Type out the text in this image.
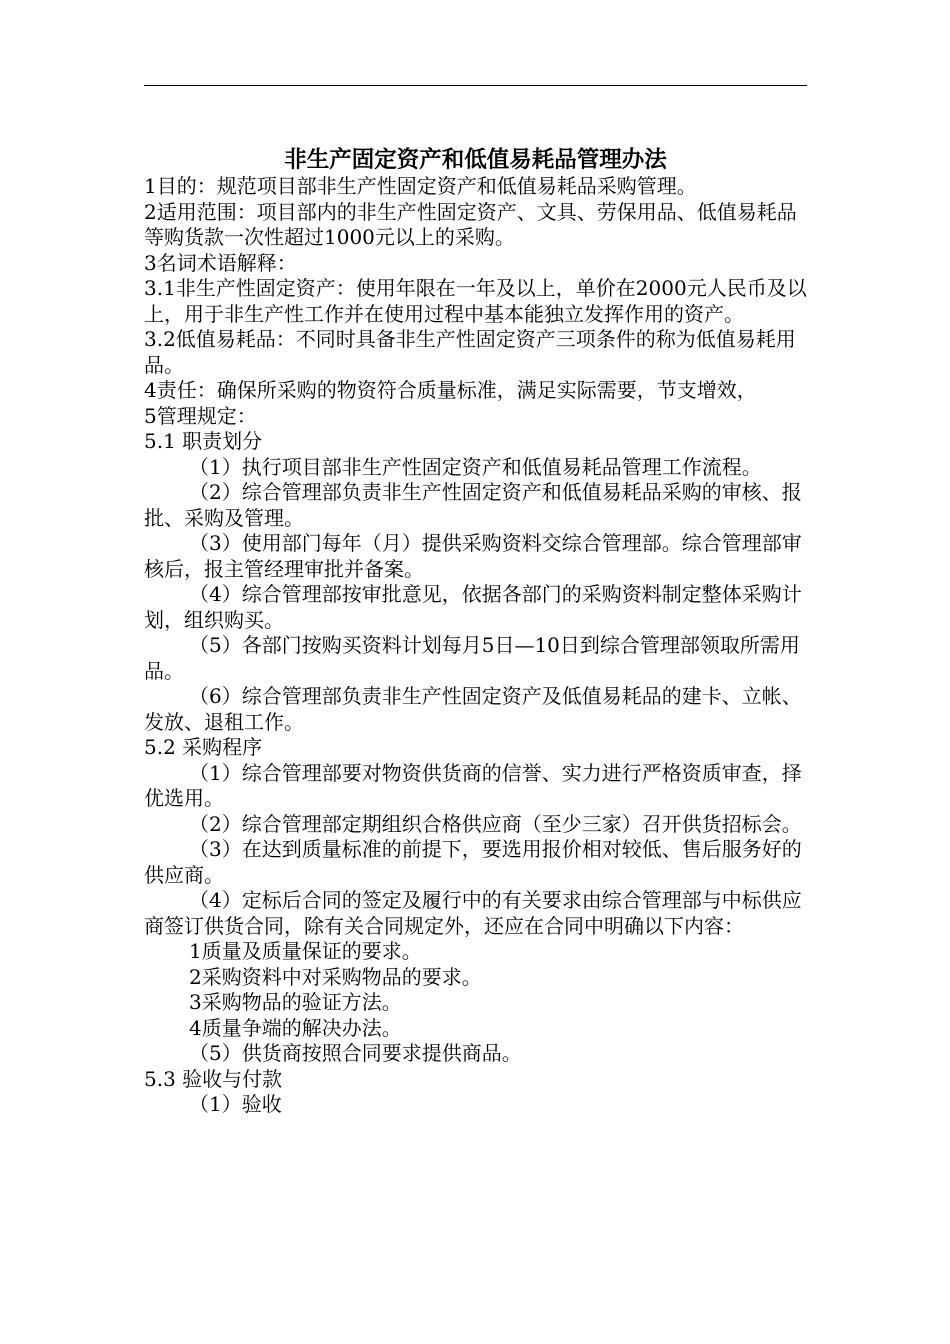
非生产固定资产和低值易耗品管理办法

1目的：规范项目部非生产性固定资产和低值易耗品采购管理。

2适用范围：项目部内的非生产性固定资产、文具、劳保用品、低值易耗品等购货款一次性超过1000元以上的采购。

3名词术语解释：

3.1非生产性固定资产：使用年限在一年及以上，单价在2000元人民币及以上，用于非生产性工作并在使用过程中基本能独立发挥作用的资产。

3.2低值易耗品：不同时具备非生产性固定资产三项条件的称为低值易耗用品。

4责任：确保所采购的物资符合质量标准，满足实际需要，节支增效，

5管理规定：

5.1 职责划分

（1）执行项目部非生产性固定资产和低值易耗品管理工作流程。

（2）综合管理部负责非生产性固定资产和低值易耗品采购的审核、报批、采购及管理。

（3）使用部门每年（月）提供采购资料交综合管理部。综合管理部审核后，报主管经理审批并备案。

（4）综合管理部按审批意见，依据各部门的采购资料制定整体采购计划，组织购买。

（5）各部门按购买资料计划每月5日—10日到综合管理部领取所需用品。

（6）综合管理部负责非生产性固定资产及低值易耗品的建卡、立帐、发放、退租工作。

5.2 采购程序

（1）综合管理部要对物资供货商的信誉、实力进行严格资质审查，择优选用。

（2）综合管理部定期组织合格供应商（至少三家）召开供货招标会。

（3）在达到质量标准的前提下，要选用报价相对较低、售后服务好的供应商。

（4）定标后合同的签定及履行中的有关要求由综合管理部与中标供应商签订供货合同，除有关合同规定外，还应在合同中明确以下内容：

1质量及质量保证的要求。

2采购资料中对采购物品的要求。

3采购物品的验证方法。

4质量争端的解决办法。

（5）供货商按照合同要求提供商品。

5.3 验收与付款

（1）验收
